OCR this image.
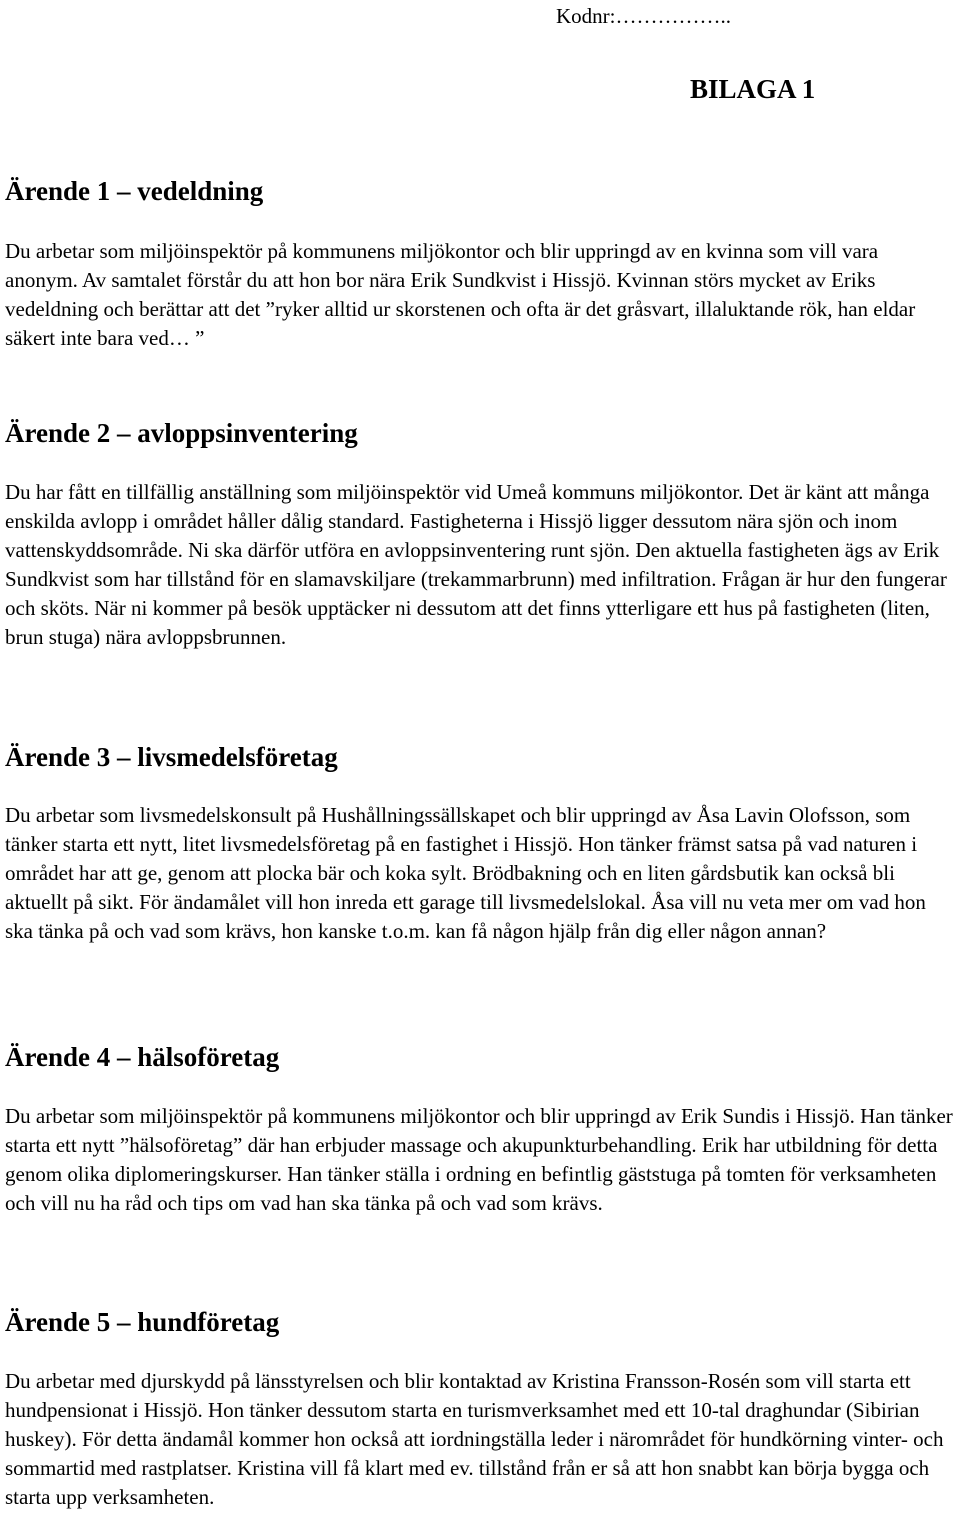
Kodnr:……………..
BILAGA 1
Ärende 1 – vedeldning

Du arbetar som miljöinspektör på kommunens miljökontor och blir uppringd av en kvinna som vill vara anonym. Av samtalet förstår du att hon bor nära Erik Sundkvist i Hissjö. Kvinnan störs mycket av Eriks vedeldning och berättar att det ”ryker alltid ur skorstenen och ofta är det gråsvart, illaluktande rök, han eldar säkert inte bara ved… ”

Ärende 2 – avloppsinventering

Du har fått en tillfällig anställning som miljöinspektör vid Umeå kommuns miljökontor. Det är känt att många enskilda avlopp i området håller dålig standard. Fastigheterna i Hissjö ligger dessutom nära sjön och inom vattenskyddsområde. Ni ska därför utföra en avloppsinventering runt sjön. Den aktuella fastigheten ägs av Erik Sundkvist som har tillstånd för en slamavskiljare (trekammarbrunn) med infiltration. Frågan är hur den fungerar och sköts. När ni kommer på besök upptäcker ni dessutom att det finns ytterligare ett hus på fastigheten (liten, brun stuga) nära avloppsbrunnen.

Ärende 3 – livsmedelsföretag

Du arbetar som livsmedelskonsult på Hushållningssällskapet och blir uppringd av Åsa Lavin Olofsson, som tänker starta ett nytt, litet livsmedelsföretag på en fastighet i Hissjö. Hon tänker främst satsa på vad naturen i området har att ge, genom att plocka bär och koka sylt. Brödbakning och en liten gårdsbutik kan också bli aktuellt på sikt. För ändamålet vill hon inreda ett garage till livsmedelslokal. Åsa vill nu veta mer om vad hon ska tänka på och vad som krävs, hon kanske t.o.m. kan få någon hjälp från dig eller någon annan?

Ärende 4 – hälsoföretag

Du arbetar som miljöinspektör på kommunens miljökontor och blir uppringd av Erik Sundis i Hissjö. Han tänker starta ett nytt ”hälsoföretag” där han erbjuder massage och akupunkturbehandling. Erik har utbildning för detta genom olika diplomeringskurser. Han tänker ställa i ordning en befintlig gäststuga på tomten för verksamheten och vill nu ha råd och tips om vad han ska tänka på och vad som krävs.

Ärende 5 – hundföretag

Du arbetar med djurskydd på länsstyrelsen och blir kontaktad av Kristina Fransson-Rosén som vill starta ett hundpensionat i Hissjö. Hon tänker dessutom starta en turismverksamhet med ett 10-tal draghundar (Sibirian huskey). För detta ändamål kommer hon också att iordningställa leder i närområdet för hundkörning vinter- och sommartid med rastplatser. Kristina vill få klart med ev. tillstånd från er så att hon snabbt kan börja bygga och starta upp verksamheten.
